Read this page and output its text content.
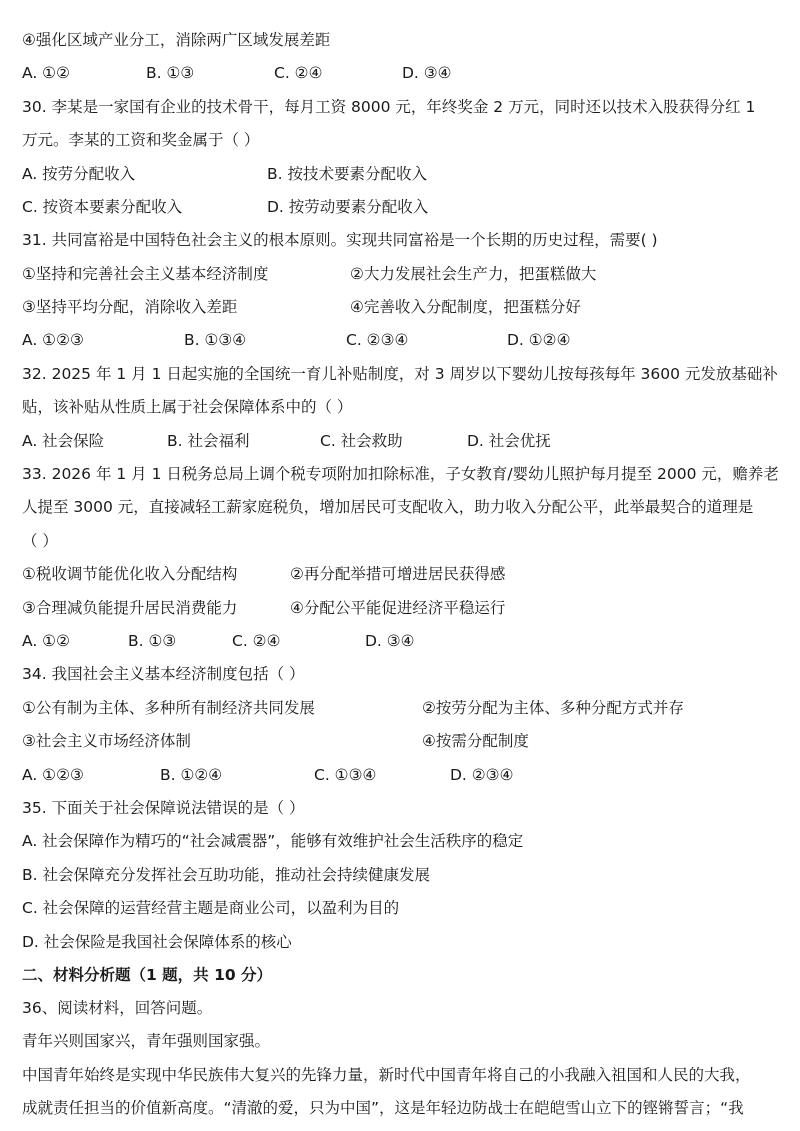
④强化区域产业分工，消除两广区域发展差距
A. ①②	B. ①③	C. ②④	D. ③④
30. 李某是一家国有企业的技术骨干，每月工资 8000 元，年终奖金 2 万元，同时还以技术入股获得分红 1
万元。李某的工资和奖金属于（ ）
A. 按劳分配收入	B. 按技术要素分配收入
C. 按资本要素分配收入	D. 按劳动要素分配收入
31. 共同富裕是中国特色社会主义的根本原则。实现共同富裕是一个长期的历史过程，需要( )
①坚持和完善社会主义基本经济制度	②大力发展社会生产力，把蛋糕做大
③坚持平均分配，消除收入差距	④完善收入分配制度，把蛋糕分好
A. ①②③	B. ①③④	C. ②③④	D. ①②④
32. 2025 年 1 月 1 日起实施的全国统一育儿补贴制度，对 3 周岁以下婴幼儿按每孩每年 3600 元发放基础补
贴，该补贴从性质上属于社会保障体系中的（ ）
A. 社会保险	B. 社会福利	C. 社会救助	D. 社会优抚
33. 2026 年 1 月 1 日税务总局上调个税专项附加扣除标准，子女教育/婴幼儿照护每月提至 2000 元，赡养老
人提至 3000 元，直接减轻工薪家庭税负，增加居民可支配收入，助力收入分配公平，此举最契合的道理是
（ ）
①税收调节能优化收入分配结构	②再分配举措可增进居民获得感
③合理减负能提升居民消费能力	④分配公平能促进经济平稳运行
A. ①②	B. ①③	C. ②④	D. ③④
34. 我国社会主义基本经济制度包括（ ）
①公有制为主体、多种所有制经济共同发展	②按劳分配为主体、多种分配方式并存
③社会主义市场经济体制	④按需分配制度
A. ①②③	B. ①②④	C. ①③④	D. ②③④
35. 下面关于社会保障说法错误的是（ ）
A. 社会保障作为精巧的“社会减震器”，能够有效维护社会生活秩序的稳定
B. 社会保障充分发挥社会互助功能，推动社会持续健康发展
C. 社会保障的运营经营主题是商业公司，以盈利为目的
D. 社会保险是我国社会保障体系的核心
二、材料分析题（1 题，共 10 分）
36、阅读材料，回答问题。
青年兴则国家兴，青年强则国家强。
中国青年始终是实现中华民族伟大复兴的先锋力量，新时代中国青年将自己的小我融入祖国和人民的大我，
成就责任担当的价值新高度。“清澈的爱，只为中国”，这是年轻边防战士在皑皑雪山立下的铿锵誓言；“我
